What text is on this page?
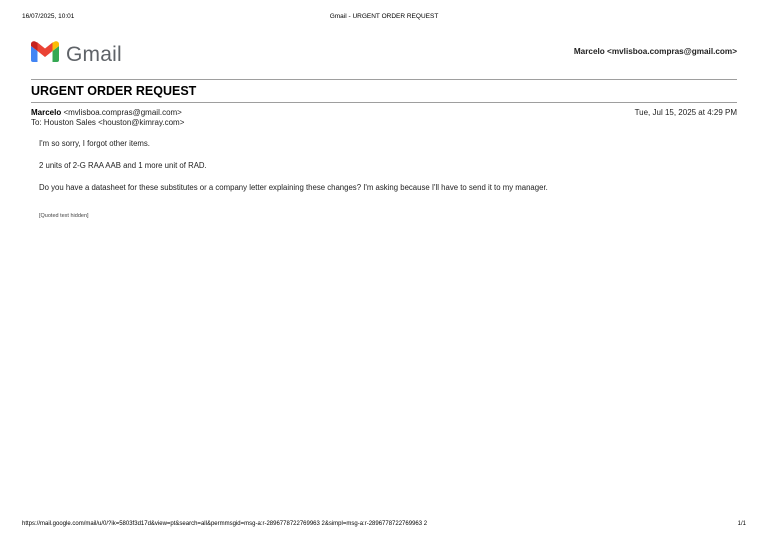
16/07/2025, 10:01	Gmail - URGENT ORDER REQUEST
Gmail	Marcelo <mvlisboa.compras@gmail.com>
URGENT ORDER REQUEST
Marcelo <mvlisboa.compras@gmail.com>
To: Houston Sales <houston@kimray.com>
Tue, Jul 15, 2025 at 4:29 PM

I'm so sorry, I forgot other items.

2 units of 2-G RAA AAB and 1 more unit of RAD.

Do you have a datasheet for these substitutes or a company letter explaining these changes? I'm asking because I'll have to send it to my manager.

[Quoted text hidden]
https://mail.google.com/mail/u/0/?ik=5803f3d17d&view=pt&search=all&permmsgid=msg-a:r-2896778722769963 2&simpl=msg-a:r-2896778722769963 2	1/1
